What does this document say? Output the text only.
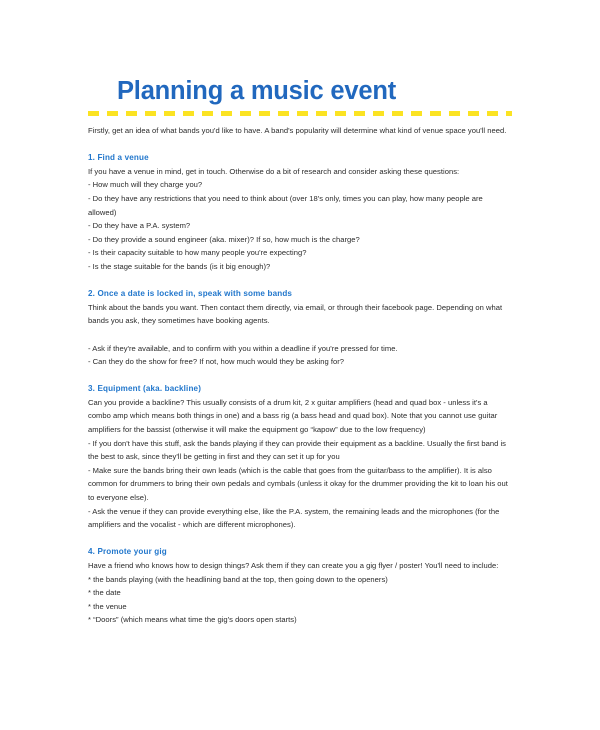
Planning a music event

Firstly, get an idea of what bands you'd like to have. A band's popularity will determine what kind of venue space you'll need.

1. Find a venue

If you have a venue in mind, get in touch. Otherwise do a bit of research and consider asking these questions:

- How much will they charge you?

- Do they have any restrictions that you need to think about (over 18's only, times you can play, how many people are allowed)

- Do they have a P.A. system?

- Do they provide a sound engineer (aka. mixer)? If so, how much is the charge?

- Is their capacity suitable to how many people you're expecting?

- Is the stage suitable for the bands (is it big enough)?

2. Once a date is locked in, speak with some bands

Think about the bands you want. Then contact them directly, via email, or through their facebook page. Depending on what bands you ask, they sometimes have booking agents.

- Ask if they're available, and to confirm with you within a deadline if you're pressed for time.

- Can they do the show for free? If not, how much would they be asking for?

3. Equipment (aka. backline)

Can you provide a backline? This usually consists of a drum kit, 2 x guitar amplifiers (head and quad box - unless it's a combo amp which means both things in one) and a bass rig (a bass head and quad box). Note that you cannot use guitar amplifiers for the bassist (otherwise it will make the equipment go “kapow” due to the low frequency)

- If you don't have this stuff, ask the bands playing if they can provide their equipment as a backline. Usually the first band is the best to ask, since they'll be getting in first and they can set it up for you

- Make sure the bands bring their own leads (which is the cable that goes from the guitar/bass to the amplifier). It is also common for drummers to bring their own pedals and cymbals (unless it okay for the drummer providing the kit to loan his out to everyone else).

- Ask the venue if they can provide everything else, like the P.A. system, the remaining leads and the microphones (for the amplifiers and the vocalist - which are different microphones).

4. Promote your gig

Have a friend who knows how to design things? Ask them if they can create you a gig flyer / poster! You'll need to include:

* the bands playing (with the headlining band at the top, then going down to the openers)

* the date

* the venue

* “Doors” (which means what time the gig's doors open starts)
